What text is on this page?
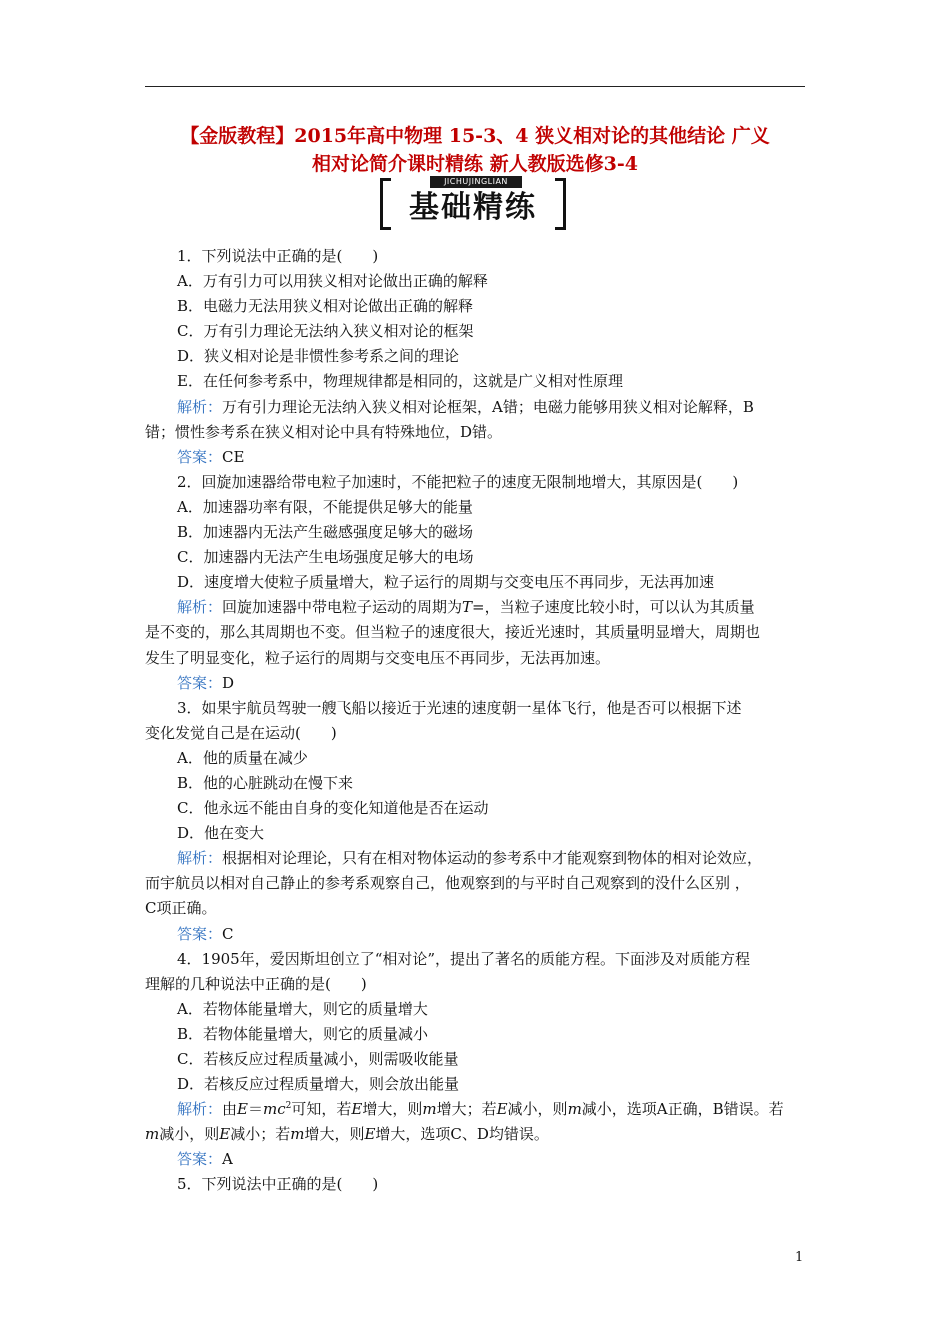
【金版教程】2015年高中物理 15-3、4 狭义相对论的其他结论 广义
相对论简介课时精练 新人教版选修3-4
JICHUJINGLIAN
基础精练
1．下列说法中正确的是(　　)
A．万有引力可以用狭义相对论做出正确的解释
B．电磁力无法用狭义相对论做出正确的解释
C．万有引力理论无法纳入狭义相对论的框架
D．狭义相对论是非惯性参考系之间的理论
E．在任何参考系中，物理规律都是相同的，这就是广义相对性原理
解析：万有引力理论无法纳入狭义相对论框架，A错；电磁力能够用狭义相对论解释，B
错；惯性参考系在狭义相对论中具有特殊地位，D错。
答案：CE
2．回旋加速器给带电粒子加速时，不能把粒子的速度无限制地增大，其原因是(　　)
A．加速器功率有限，不能提供足够大的能量
B．加速器内无法产生磁感强度足够大的磁场
C．加速器内无法产生电场强度足够大的电场
D．速度增大使粒子质量增大，粒子运行的周期与交变电压不再同步，无法再加速
解析：回旋加速器中带电粒子运动的周期为T=，当粒子速度比较小时，可以认为其质量
是不变的，那么其周期也不变。但当粒子的速度很大，接近光速时，其质量明显增大，周期也
发生了明显变化，粒子运行的周期与交变电压不再同步，无法再加速。
答案：D
3．如果宇航员驾驶一艘飞船以接近于光速的速度朝一星体飞行，他是否可以根据下述
变化发觉自己是在运动(　　)
A．他的质量在减少
B．他的心脏跳动在慢下来
C．他永远不能由自身的变化知道他是否在运动
D．他在变大
解析：根据相对论理论，只有在相对物体运动的参考系中才能观察到物体的相对论效应，
而宇航员以相对自己静止的参考系观察自己，他观察到的与平时自己观察到的没什么区别 ，
C项正确。
答案：C
4．1905年，爱因斯坦创立了“相对论”，提出了著名的质能方程。下面涉及对质能方程
理解的几种说法中正确的是(　　)
A．若物体能量增大，则它的质量增大
B．若物体能量增大，则它的质量减小
C．若核反应过程质量减小，则需吸收能量
D．若核反应过程质量增大，则会放出能量
解析：由$E=mc^2$可知，若E增大，则m增大；若E减小，则m减小，选项A正确，B错误。若
m减小，则E减小；若m增大，则E增大，选项C、D均错误。
答案：A
5．下列说法中正确的是(　　)
1
